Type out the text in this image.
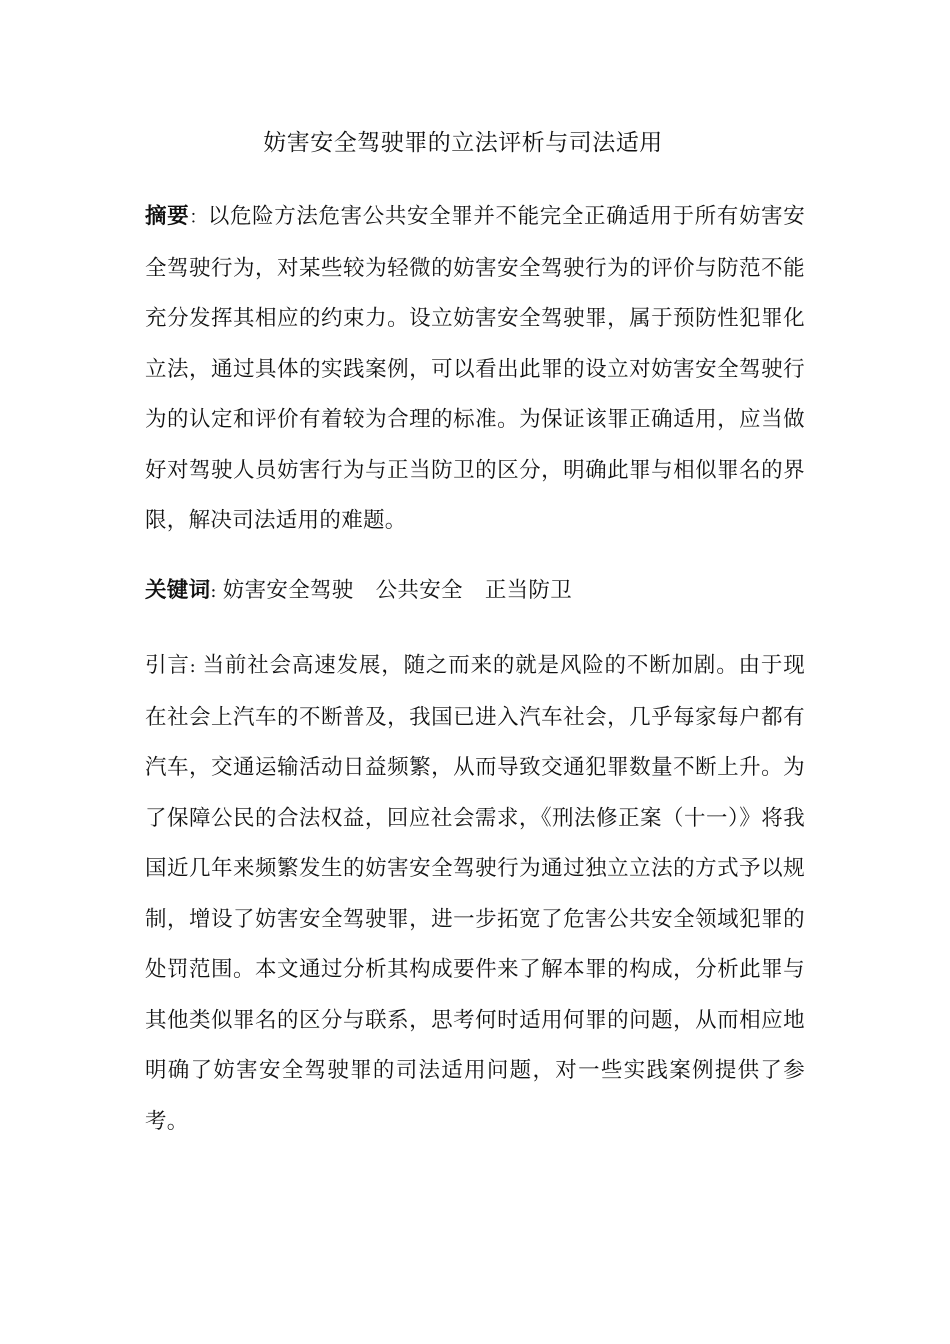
妨害安全驾驶罪的立法评析与司法适用
摘要：以危险方法危害公共安全罪并不能完全正确适用于所有妨害安全驾驶行为，对某些较为轻微的妨害安全驾驶行为的评价与防范不能充分发挥其相应的约束力。设立妨害安全驾驶罪，属于预防性犯罪化立法，通过具体的实践案例，可以看出此罪的设立对妨害安全驾驶行为的认定和评价有着较为合理的标准。为保证该罪正确适用，应当做好对驾驶人员妨害行为与正当防卫的区分，明确此罪与相似罪名的界限，解决司法适用的难题。
关键词: 妨害安全驾驶 公共安全 正当防卫
引言: 当前社会高速发展，随之而来的就是风险的不断加剧。由于现在社会上汽车的不断普及，我国已进入汽车社会，几乎每家每户都有汽车，交通运输活动日益频繁，从而导致交通犯罪数量不断上升。为了保障公民的合法权益，回应社会需求，《刑法修正案（十一）》将我国近几年来频繁发生的妨害安全驾驶行为通过独立立法的方式予以规制，增设了妨害安全驾驶罪，进一步拓宽了危害公共安全领域犯罪的处罚范围。本文通过分析其构成要件来了解本罪的构成，分析此罪与其他类似罪名的区分与联系，思考何时适用何罪的问题，从而相应地明确了妨害安全驾驶罪的司法适用问题，对一些实践案例提供了参考。
